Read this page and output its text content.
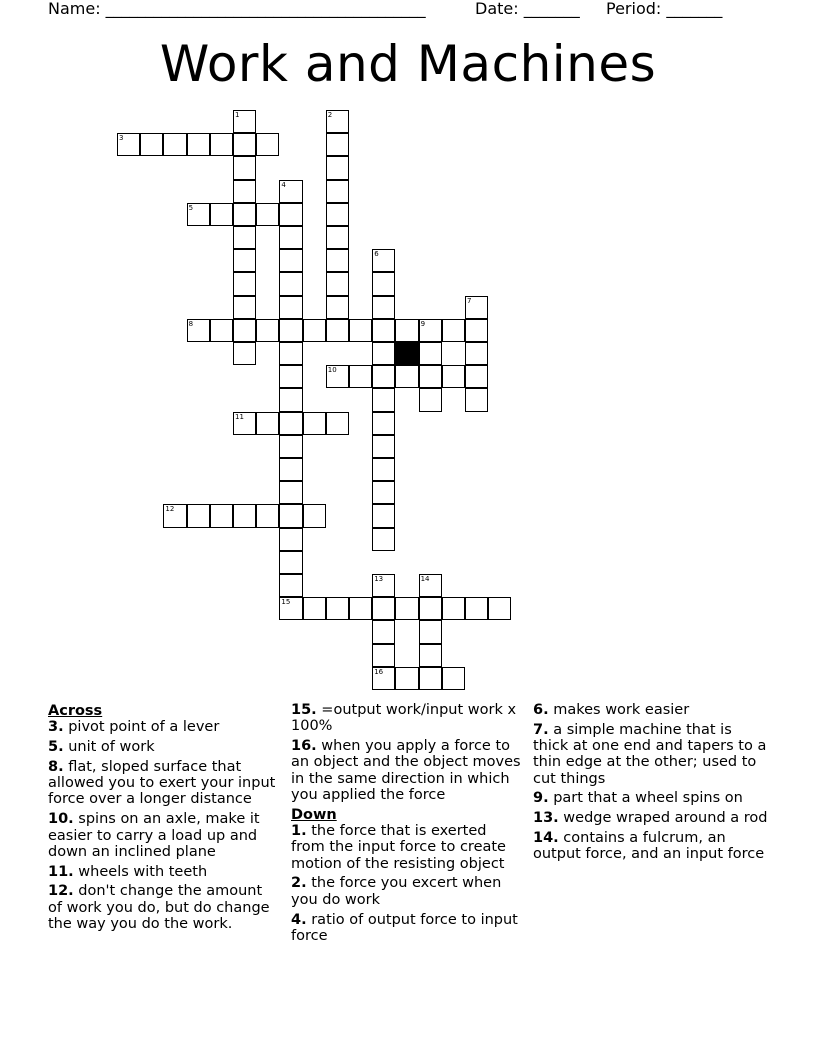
Name: ________________________________________	Date: _______ Period: _______
Work and Machines
3
5
8	9
10
11
12
15
16
1	2
4
6
7
13	14
Across
3. pivot point of a lever
5. unit of work
8. flat, sloped surface that allowed you to exert your input force over a longer distance
10. spins on an axle, make it easier to carry a load up and down an inclined plane
11. wheels with teeth
12. don't change the amount of work you do, but do change the way you do the work.
15. =output work/input work x 100%
16. when you apply a force to an object and the object moves in the same direction in which you applied the force
Down
1. the force that is exerted from the input force to create motion of the resisting object
2. the force you excert when you do work
4. ratio of output force to input force
6. makes work easier
7. a simple machine that is thick at one end and tapers to a thin edge at the other; used to cut things
9. part that a wheel spins on
13. wedge wraped around a rod
14. contains a fulcrum, an output force, and an input force
